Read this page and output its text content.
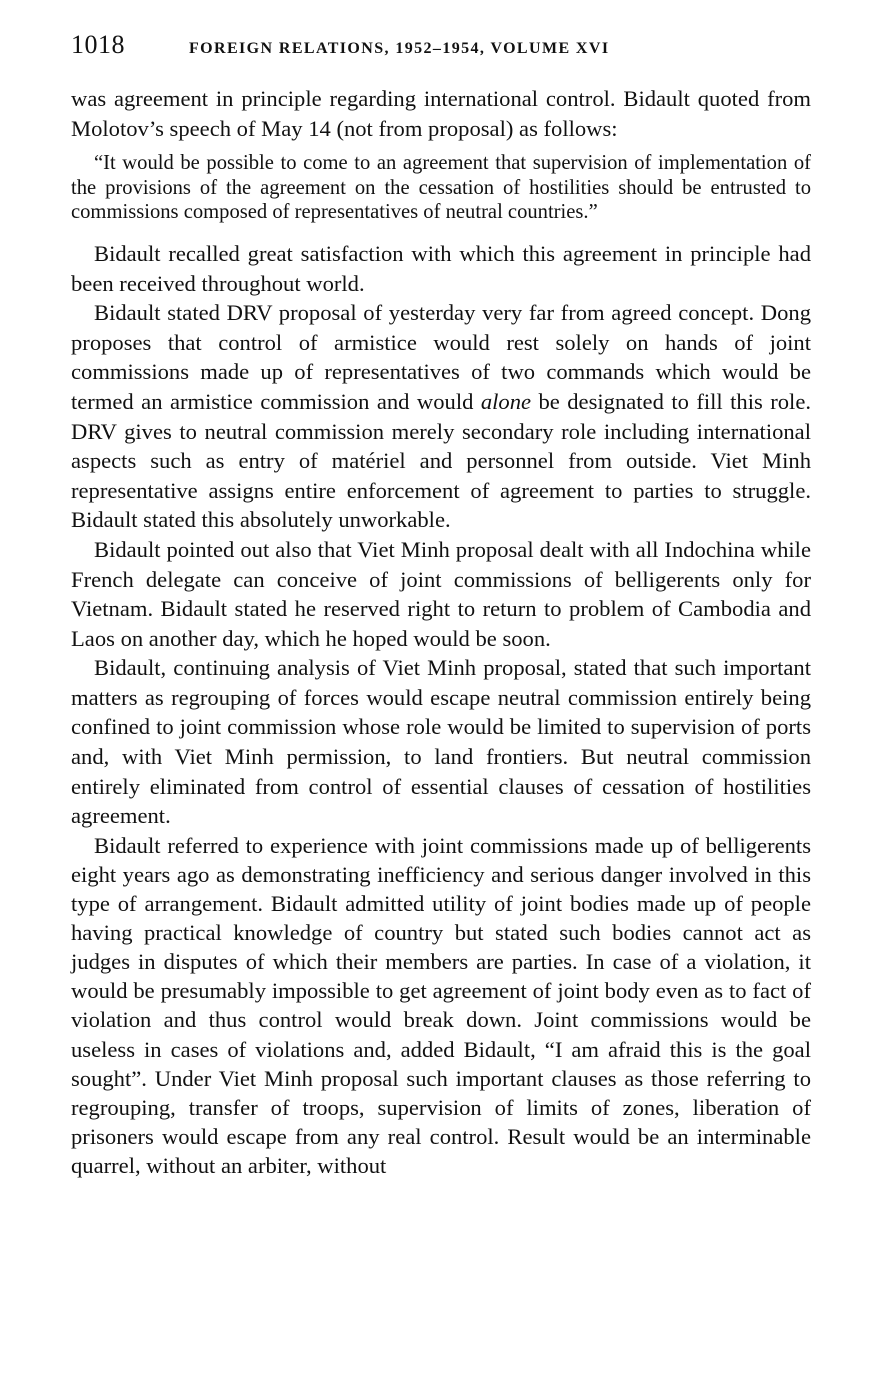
1018	FOREIGN RELATIONS, 1952–1954, VOLUME XVI

was agreement in principle regarding international control. Bidault quoted from Molotov’s speech of May 14 (not from proposal) as follows:

“It would be possible to come to an agreement that supervision of implementation of the provisions of the agreement on the cessation of hostilities should be entrusted to commissions composed of representatives of neutral countries.”

Bidault recalled great satisfaction with which this agreement in principle had been received throughout world.

Bidault stated DRV proposal of yesterday very far from agreed concept. Dong proposes that control of armistice would rest solely on hands of joint commissions made up of representatives of two commands which would be termed an armistice commission and would alone be designated to fill this role. DRV gives to neutral commission merely secondary role including international aspects such as entry of matériel and personnel from outside. Viet Minh representative assigns entire enforcement of agreement to parties to struggle. Bidault stated this absolutely unworkable.

Bidault pointed out also that Viet Minh proposal dealt with all Indochina while French delegate can conceive of joint commissions of belligerents only for Vietnam. Bidault stated he reserved right to return to problem of Cambodia and Laos on another day, which he hoped would be soon.

Bidault, continuing analysis of Viet Minh proposal, stated that such important matters as regrouping of forces would escape neutral commission entirely being confined to joint commission whose role would be limited to supervision of ports and, with Viet Minh permission, to land frontiers. But neutral commission entirely eliminated from control of essential clauses of cessation of hostilities agreement.

Bidault referred to experience with joint commissions made up of belligerents eight years ago as demonstrating inefficiency and serious danger involved in this type of arrangement. Bidault admitted utility of joint bodies made up of people having practical knowledge of country but stated such bodies cannot act as judges in disputes of which their members are parties. In case of a violation, it would be presumably impossible to get agreement of joint body even as to fact of violation and thus control would break down. Joint commissions would be useless in cases of violations and, added Bidault, “I am afraid this is the goal sought”. Under Viet Minh proposal such important clauses as those referring to regrouping, transfer of troops, supervision of limits of zones, liberation of prisoners would escape from any real control. Result would be an interminable quarrel, without an arbiter, without
